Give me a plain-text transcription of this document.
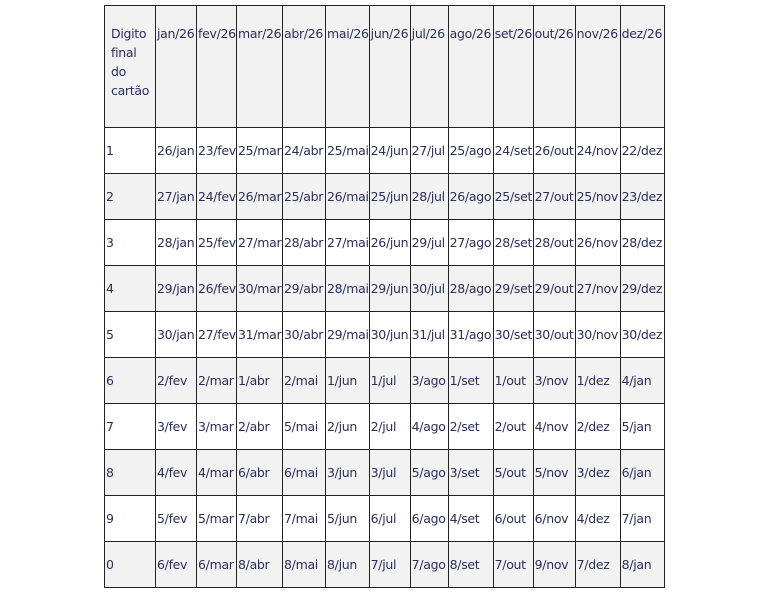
Digito final do cartão	jan/26	fev/26	mar/26	abr/26	mai/26	jun/26	jul/26	ago/26	set/26	out/26	nov/26	dez/26
1	26/jan	23/fev	25/mar	24/abr	25/mai	24/jun	27/jul	25/ago	24/set	26/out	24/nov	22/dez
2	27/jan	24/fev	26/mar	25/abr	26/mai	25/jun	28/jul	26/ago	25/set	27/out	25/nov	23/dez
3	28/jan	25/fev	27/mar	28/abr	27/mai	26/jun	29/jul	27/ago	28/set	28/out	26/nov	28/dez
4	29/jan	26/fev	30/mar	29/abr	28/mai	29/jun	30/jul	28/ago	29/set	29/out	27/nov	29/dez
5	30/jan	27/fev	31/mar	30/abr	29/mai	30/jun	31/jul	31/ago	30/set	30/out	30/nov	30/dez
6	2/fev	2/mar	1/abr	2/mai	1/jun	1/jul	3/ago	1/set	1/out	3/nov	1/dez	4/jan
7	3/fev	3/mar	2/abr	5/mai	2/jun	2/jul	4/ago	2/set	2/out	4/nov	2/dez	5/jan
8	4/fev	4/mar	6/abr	6/mai	3/jun	3/jul	5/ago	3/set	5/out	5/nov	3/dez	6/jan
9	5/fev	5/mar	7/abr	7/mai	5/jun	6/jul	6/ago	4/set	6/out	6/nov	4/dez	7/jan
0	6/fev	6/mar	8/abr	8/mai	8/jun	7/jul	7/ago	8/set	7/out	9/nov	7/dez	8/jan
